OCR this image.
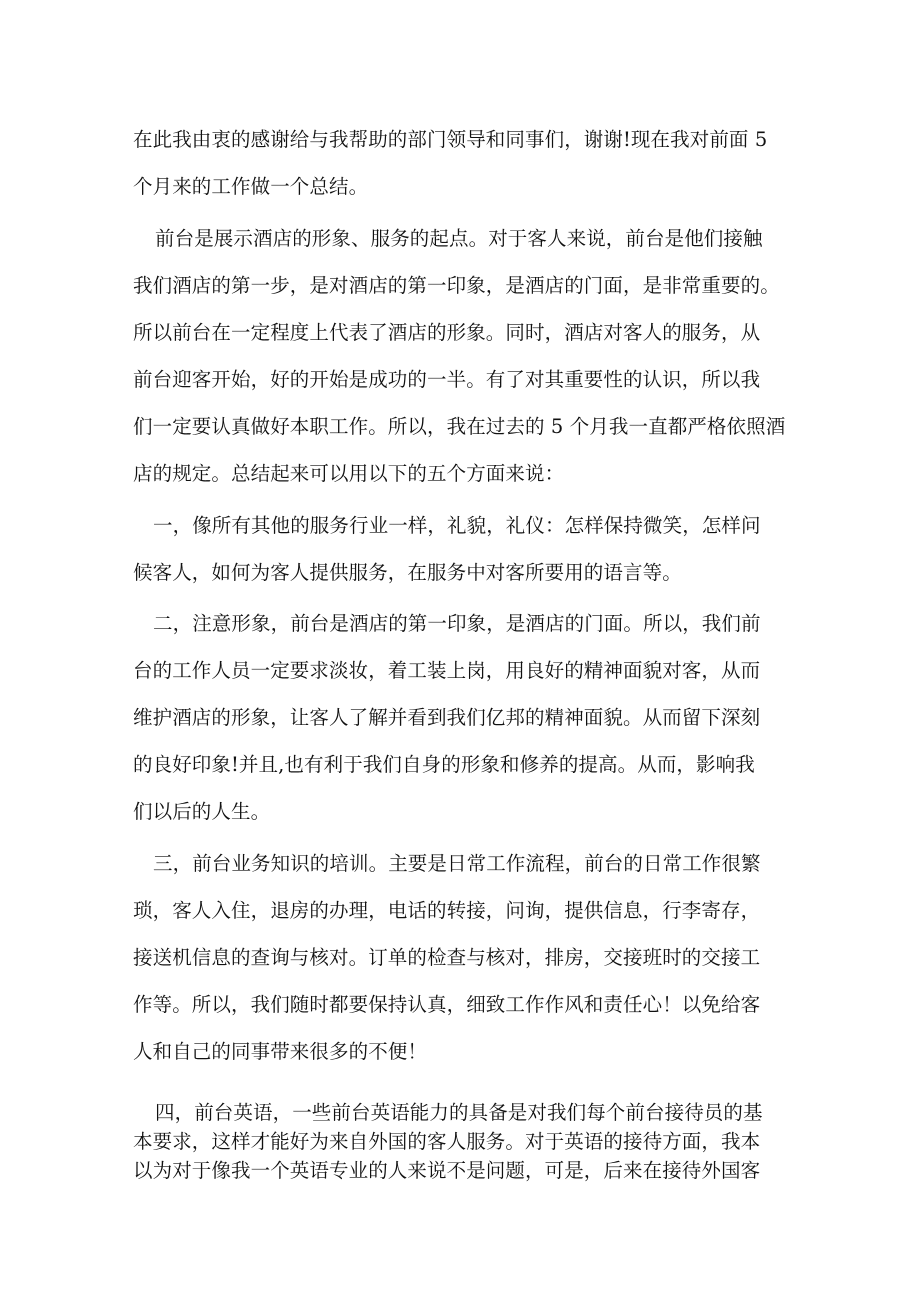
在此我由衷的感谢给与我帮助的部门领导和同事们，谢谢!现在我对前面 5

个月来的工作做一个总结。

前台是展示酒店的形象、服务的起点。对于客人来说，前台是他们接触

我们酒店的第一步，是对酒店的第一印象，是酒店的门面，是非常重要的。

所以前台在一定程度上代表了酒店的形象。同时，酒店对客人的服务，从

前台迎客开始，好的开始是成功的一半。有了对其重要性的认识，所以我

们一定要认真做好本职工作。所以，我在过去的 5 个月我一直都严格依照酒

店的规定。总结起来可以用以下的五个方面来说：

一，像所有其他的服务行业一样，礼貌，礼仪：怎样保持微笑，怎样问

候客人，如何为客人提供服务，在服务中对客所要用的语言等。

二，注意形象，前台是酒店的第一印象，是酒店的门面。所以，我们前

台的工作人员一定要求淡妆，着工装上岗，用良好的精神面貌对客，从而

维护酒店的形象，让客人了解并看到我们亿邦的精神面貌。从而留下深刻

的良好印象!并且,也有利于我们自身的形象和修养的提高。从而，影响我

们以后的人生。

三，前台业务知识的培训。主要是日常工作流程，前台的日常工作很繁

琐，客人入住，退房的办理，电话的转接，问询，提供信息，行李寄存，

接送机信息的查询与核对。订单的检查与核对，排房，交接班时的交接工

作等。所以，我们随时都要保持认真，细致工作作风和责任心！以免给客

人和自己的同事带来很多的不便！

四，前台英语，一些前台英语能力的具备是对我们每个前台接待员的基

本要求，这样才能好为来自外国的客人服务。对于英语的接待方面，我本

以为对于像我一个英语专业的人来说不是问题，可是，后来在接待外国客
